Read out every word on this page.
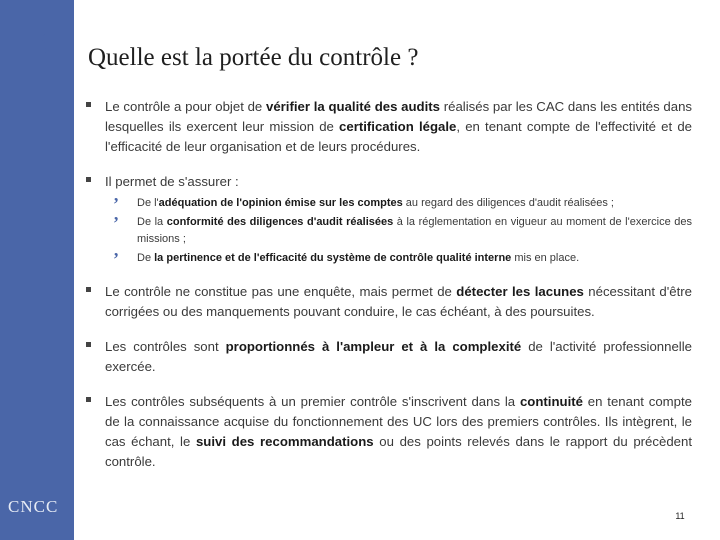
CNCC
’ Quelle est la portée du contrôle ?
Le contrôle a pour objet de vérifier la qualité des audits réalisés par les CAC dans les entités dans lesquelles ils exercent leur mission de certification légale, en tenant compte de l'effectivité et de l'efficacité de leur organisation et de leurs procédures.
Il permet de s'assurer :
’ De l'adéquation de l'opinion émise sur les comptes au regard des diligences d'audit réalisées ;
’ De la conformité des diligences d'audit réalisées à la réglementation en vigueur au moment de l'exercice des missions ;
’ De la pertinence et de l'efficacité du système de contrôle qualité interne mis en place.
Le contrôle ne constitue pas une enquête, mais permet de détecter les lacunes nécessitant d'être corrigées ou des manquements pouvant conduire, le cas échéant, à des poursuites.
Les contrôles sont proportionnés à l'ampleur et à la complexité de l'activité professionnelle exercée.
Les contrôles subséquents à un premier contrôle s'inscrivent dans la continuité en tenant compte de la connaissance acquise du fonctionnement des UC lors des premiers contrôles. Ils intègrent, le cas échant, le suivi des recommandations ou des points relevés dans le rapport du précèdent contrôle.
11
